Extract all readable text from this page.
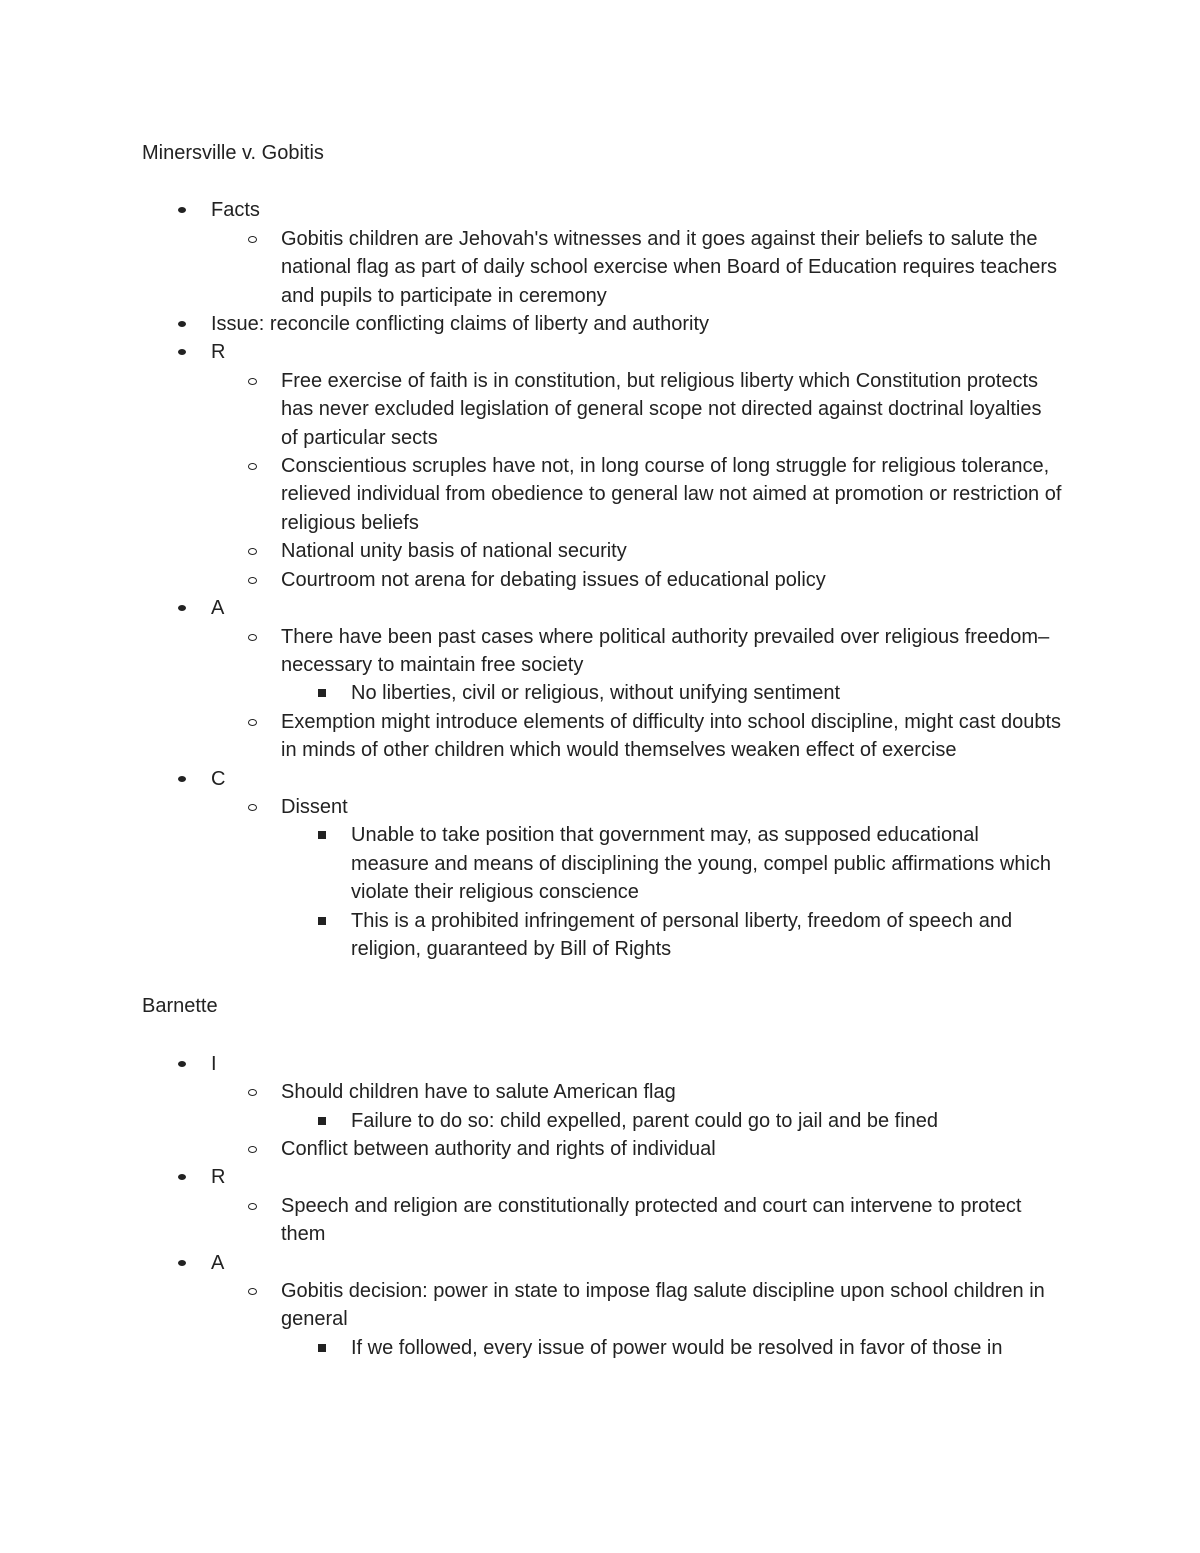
Minersville v. Gobitis

Facts
Gobitis children are Jehovah's witnesses and it goes against their beliefs to salute the national flag as part of daily school exercise when Board of Education requires teachers and pupils to participate in ceremony
Issue: reconcile conflicting claims of liberty and authority
R
Free exercise of faith is in constitution, but religious liberty which Constitution protects has never excluded legislation of general scope not directed against doctrinal loyalties of particular sects
Conscientious scruples have not, in long course of long struggle for religious tolerance, relieved individual from obedience to general law not aimed at promotion or restriction of religious beliefs
National unity basis of national security
Courtroom not arena for debating issues of educational policy
A
There have been past cases where political authority prevailed over religious freedom–necessary to maintain free society
No liberties, civil or religious, without unifying sentiment
Exemption might introduce elements of difficulty into school discipline, might cast doubts in minds of other children which would themselves weaken effect of exercise
C
Dissent
Unable to take position that government may, as supposed educational measure and means of disciplining the young, compel public affirmations which violate their religious conscience
This is a prohibited infringement of personal liberty, freedom of speech and religion, guaranteed by Bill of Rights

Barnette

I
Should children have to salute American flag
Failure to do so: child expelled, parent could go to jail and be fined
Conflict between authority and rights of individual
R
Speech and religion are constitutionally protected and court can intervene to protect them
A
Gobitis decision: power in state to impose flag salute discipline upon school children in general
If we followed, every issue of power would be resolved in favor of those in
